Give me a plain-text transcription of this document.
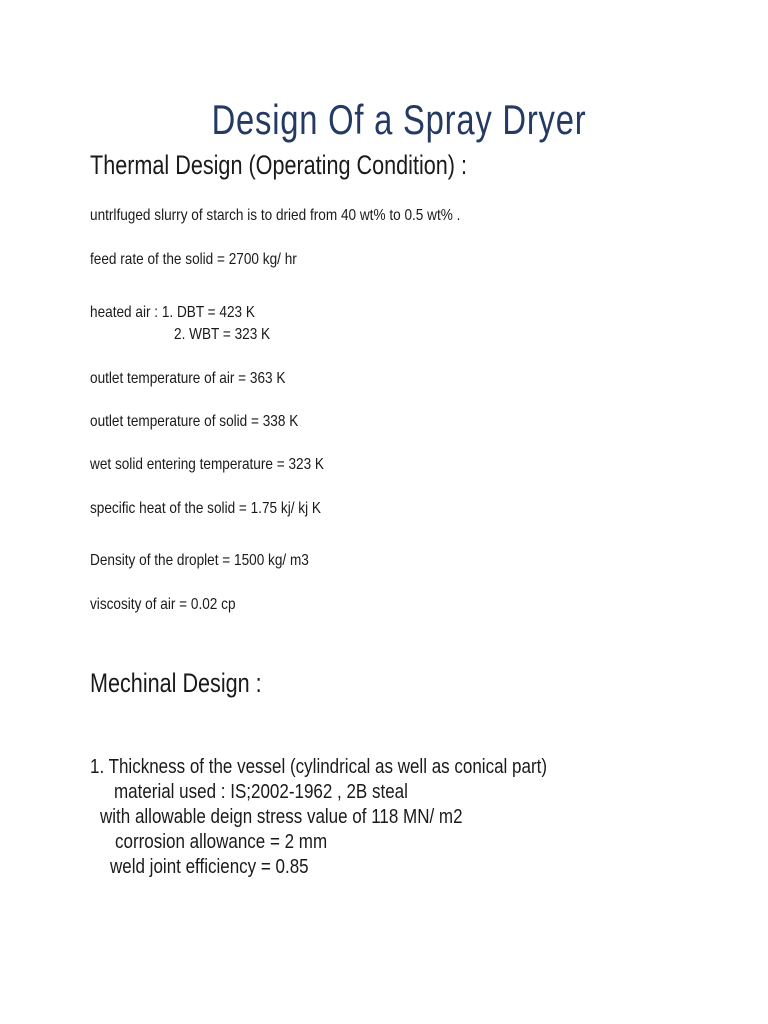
Design Of a Spray Dryer
Thermal Design (Operating Condition) :
untrlfuged slurry of starch is to dried from 40 wt% to 0.5 wt% .
feed rate of the solid = 2700 kg/ hr
heated air : 1. DBT = 423 K
2. WBT = 323 K
outlet temperature of air = 363 K
outlet temperature of solid = 338 K
wet solid entering temperature = 323 K
specific heat of the solid = 1.75 kj/ kj K
Density of the droplet = 1500 kg/ m3
viscosity of air = 0.02 cp
Mechinal Design :
1. Thickness of the vessel (cylindrical as well as conical part)
material used : IS;2002-1962 , 2B steal
with allowable deign stress value of 118 MN/ m2
corrosion allowance = 2 mm
weld joint efficiency = 0.85
